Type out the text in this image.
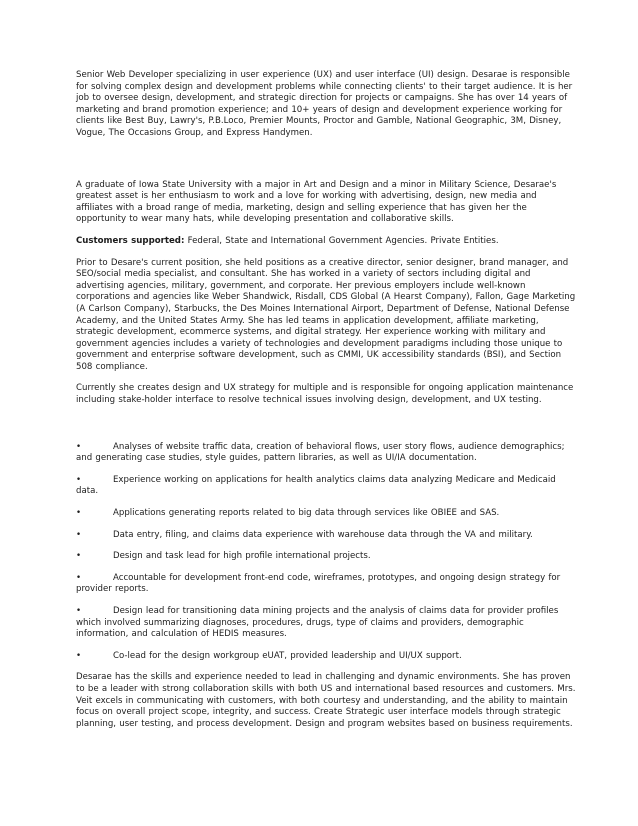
Senior Web Developer specializing in user experience (UX) and user interface (UI) design. Desarae is responsible for solving complex design and development problems while connecting clients' to their target audience. It is her job to oversee design, development, and strategic direction for projects or campaigns. She has over 14 years of marketing and brand promotion experience; and 10+ years of design and development experience working for clients like Best Buy, Lawry's, P.B.Loco, Premier Mounts, Proctor and Gamble, National Geographic, 3M, Disney, Vogue, The Occasions Group, and Express Handymen.

A graduate of Iowa State University with a major in Art and Design and a minor in Military Science, Desarae's greatest asset is her enthusiasm to work and a love for working with advertising, design, new media and affiliates with a broad range of media, marketing, design and selling experience that has given her the opportunity to wear many hats, while developing presentation and collaborative skills.

Customers supported: Federal, State and International Government Agencies. Private Entities.

Prior to Desare's current position, she held positions as a creative director, senior designer, brand manager, and SEO/social media specialist, and consultant. She has worked in a variety of sectors including digital and advertising agencies, military, government, and corporate. Her previous employers include well-known corporations and agencies like Weber Shandwick, Risdall, CDS Global (A Hearst Company), Fallon, Gage Marketing (A Carlson Company), Starbucks, the Des Moines International Airport, Department of Defense, National Defense Academy, and the United States Army. She has led teams in application development, affiliate marketing, strategic development, ecommerce systems, and digital strategy. Her experience working with military and government agencies includes a variety of technologies and development paradigms including those unique to government and enterprise software development, such as CMMI, UK accessibility standards (BSI), and Section 508 compliance.

Currently she creates design and UX strategy for multiple and is responsible for ongoing application maintenance including stake-holder interface to resolve technical issues involving design, development, and UX testing.

•	Analyses of website traffic data, creation of behavioral flows, user story flows, audience demographics; and generating case studies, style guides, pattern libraries, as well as UI/IA documentation.

•	Experience working on applications for health analytics claims data analyzing Medicare and Medicaid data.

•	Applications generating reports related to big data through services like OBIEE and SAS.

•	Data entry, filing, and claims data experience with warehouse data through the VA and military.

•	Design and task lead for high profile international projects.

•	Accountable for development front-end code, wireframes, prototypes, and ongoing design strategy for provider reports.

•	Design lead for transitioning data mining projects and the analysis of claims data for provider profiles which involved summarizing diagnoses, procedures, drugs, type of claims and providers, demographic information, and calculation of HEDIS measures.

•	Co-lead for the design workgroup eUAT, provided leadership and UI/UX support.

Desarae has the skills and experience needed to lead in challenging and dynamic environments. She has proven to be a leader with strong collaboration skills with both US and international based resources and customers. Mrs. Veit excels in communicating with customers, with both courtesy and understanding, and the ability to maintain focus on overall project scope, integrity, and success. Create Strategic user interface models through strategic planning, user testing, and process development. Design and program websites based on business requirements.
